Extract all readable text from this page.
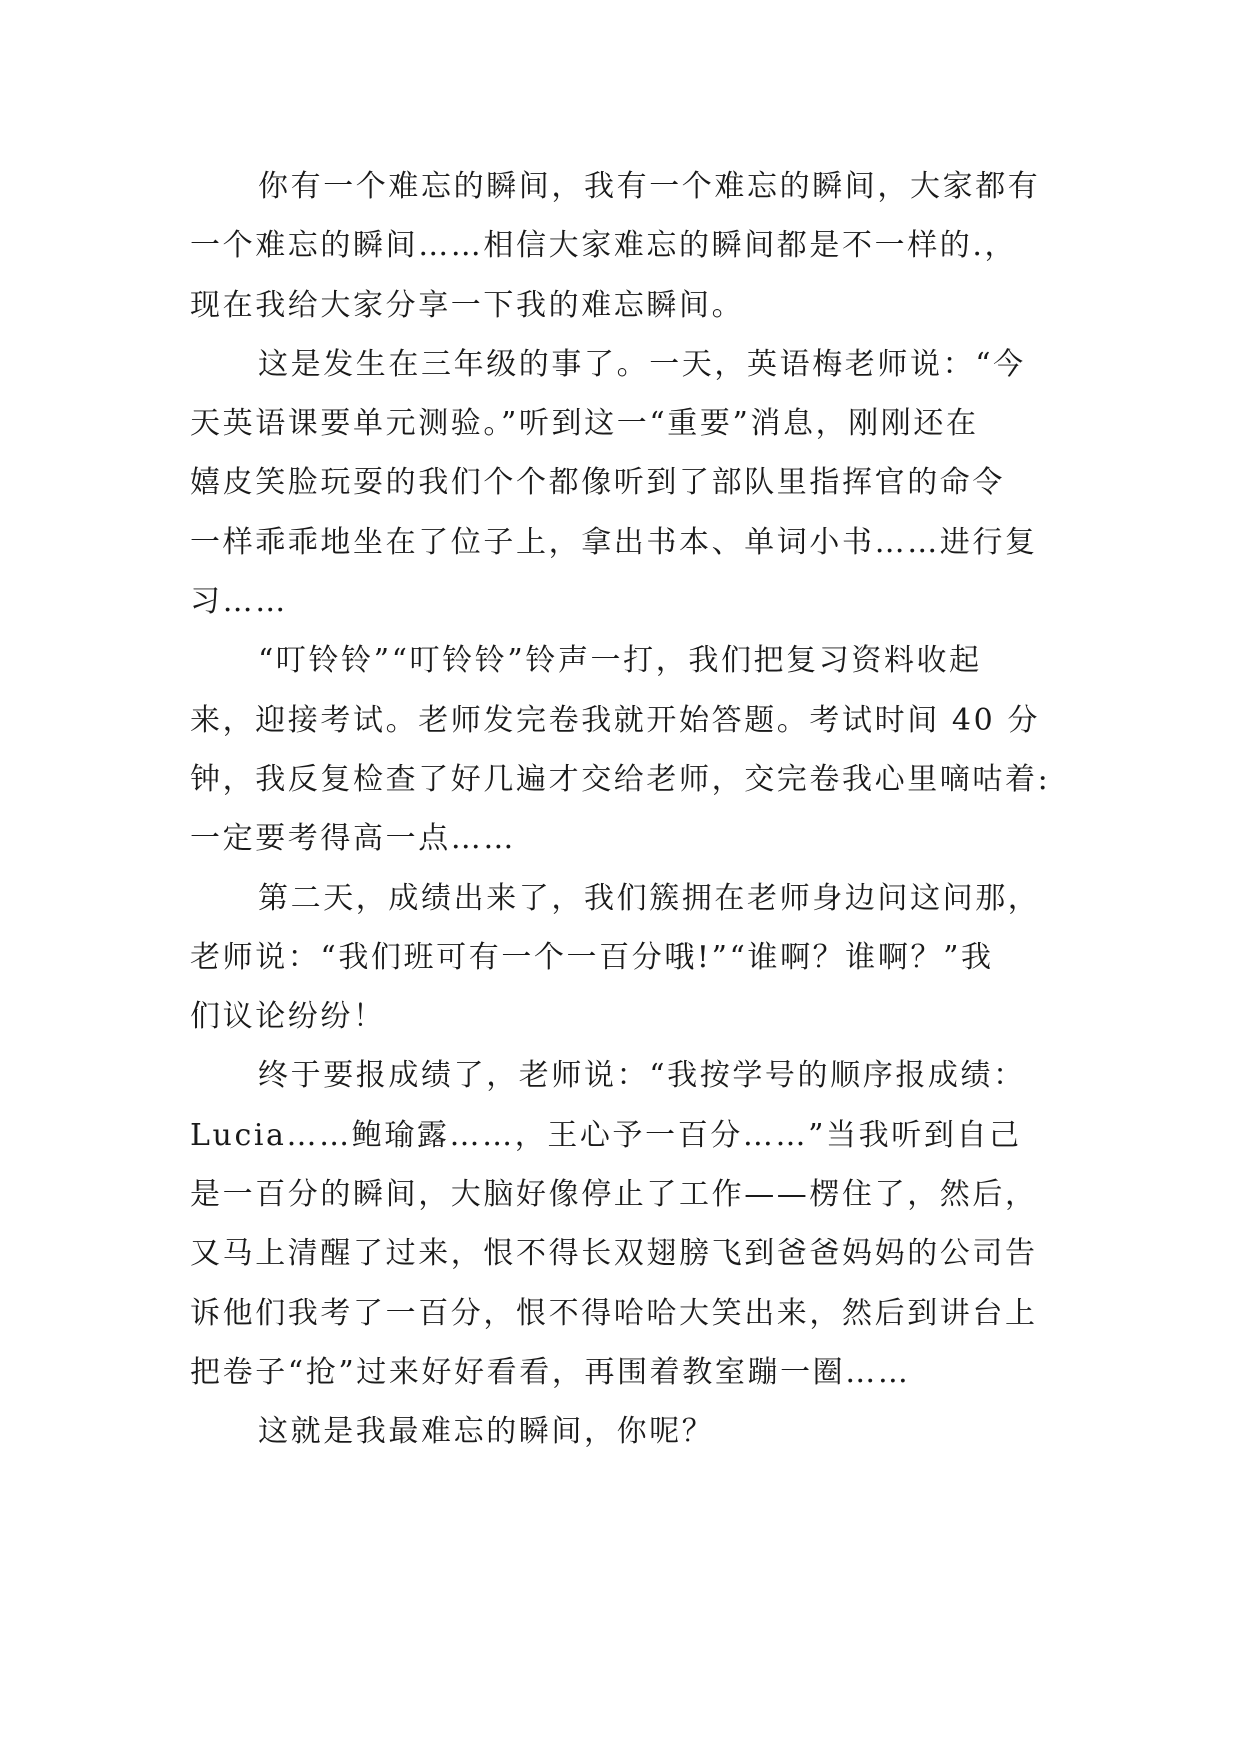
你有一个难忘的瞬间，我有一个难忘的瞬间，大家都有
一个难忘的瞬间……相信大家难忘的瞬间都是不一样的.，
现在我给大家分享一下我的难忘瞬间。
这是发生在三年级的事了。一天，英语梅老师说：“今
天英语课要单元测验。”听到这一“重要”消息，刚刚还在
嬉皮笑脸玩耍的我们个个都像听到了部队里指挥官的命令
一样乖乖地坐在了位子上，拿出书本、单词小书……进行复
习……
“叮铃铃”“叮铃铃”铃声一打，我们把复习资料收起
来，迎接考试。老师发完卷我就开始答题。考试时间 40 分
钟，我反复检查了好几遍才交给老师，交完卷我心里嘀咕着:
一定要考得高一点……
第二天，成绩出来了，我们簇拥在老师身边问这问那，
老师说：“我们班可有一个一百分哦!”“谁啊？谁啊？”我
们议论纷纷！
终于要报成绩了，老师说：“我按学号的顺序报成绩：
Lucia……鲍瑜露……，王心予一百分……”当我听到自己
是一百分的瞬间，大脑好像停止了工作——楞住了，然后，
又马上清醒了过来，恨不得长双翅膀飞到爸爸妈妈的公司告
诉他们我考了一百分，恨不得哈哈大笑出来，然后到讲台上
把卷子“抢”过来好好看看，再围着教室蹦一圈……
这就是我最难忘的瞬间，你呢？
